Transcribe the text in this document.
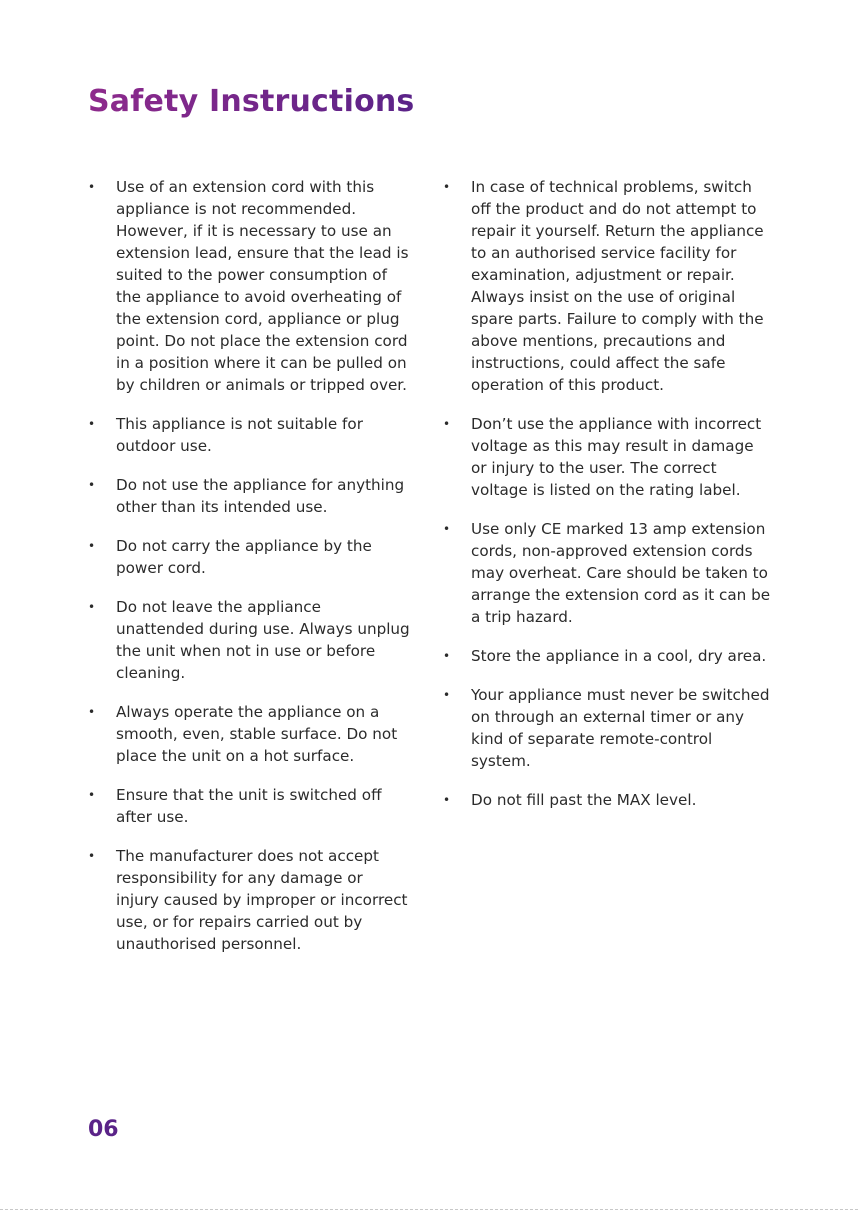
Safety Instructions
• Use of an extension cord with this appliance is not recommended. However, if it is necessary to use an extension lead, ensure that the lead is suited to the power consumption of the appliance to avoid overheating of the extension cord, appliance or plug point. Do not place the extension cord in a position where it can be pulled on by children or animals or tripped over.
• This appliance is not suitable for outdoor use.
• Do not use the appliance for anything other than its intended use.
• Do not carry the appliance by the power cord.
• Do not leave the appliance unattended during use. Always unplug the unit when not in use or before cleaning.
• Always operate the appliance on a smooth, even, stable surface. Do not place the unit on a hot surface.
• Ensure that the unit is switched off after use.
• The manufacturer does not accept responsibility for any damage or injury caused by improper or incorrect use, or for repairs carried out by unauthorised personnel.
• In case of technical problems, switch off the product and do not attempt to repair it yourself. Return the appliance to an authorised service facility for examination, adjustment or repair. Always insist on the use of original spare parts. Failure to comply with the above mentions, precautions and instructions, could affect the safe operation of this product.
• Don’t use the appliance with incorrect voltage as this may result in damage or injury to the user. The correct voltage is listed on the rating label.
• Use only CE marked 13 amp extension cords, non-approved extension cords may overheat. Care should be taken to arrange the extension cord as it can be a trip hazard.
• Store the appliance in a cool, dry area.
• Your appliance must never be switched on through an external timer or any kind of separate remote-control system.
• Do not fill past the MAX level.
06
